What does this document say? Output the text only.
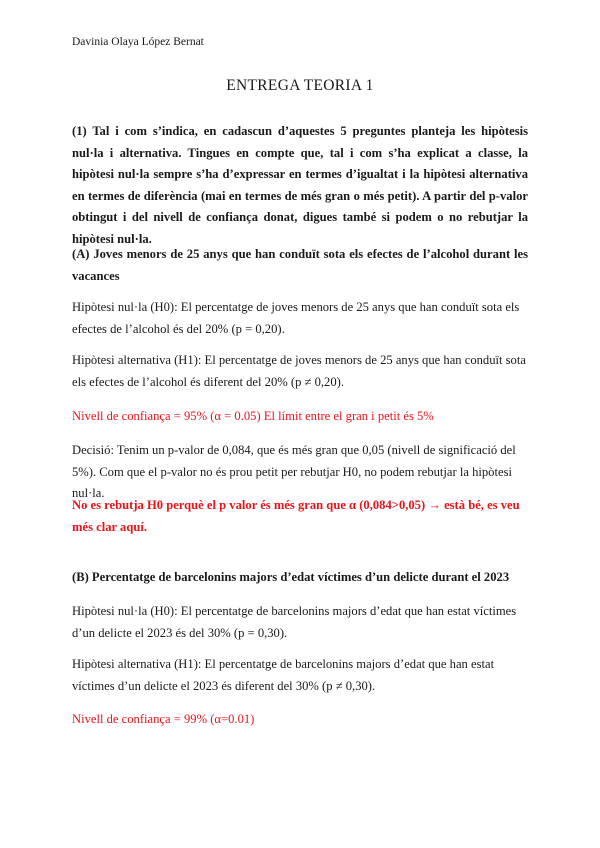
Davinia Olaya López Bernat
ENTREGA TEORIA 1

(1) Tal i com s’indica, en cadascun d’aquestes 5 preguntes planteja les hipòtesis nul·la i alternativa. Tingues en compte que, tal i com s’ha explicat a classe, la hipòtesi nul·la sempre s’ha d’expressar en termes d’igualtat i la hipòtesi alternativa en termes de diferència (mai en termes de més gran o més petit). A partir del p-valor obtingut i del nivell de confiança donat, digues també si podem o no rebutjar la hipòtesi nul·la.

(A) Joves menors de 25 anys que han conduït sota els efectes de l’alcohol durant les vacances

Hipòtesi nul·la (H0): El percentatge de joves menors de 25 anys que han conduït sota els efectes de l’alcohol és del 20% (p = 0,20).

Hipòtesi alternativa (H1): El percentatge de joves menors de 25 anys que han conduït sota els efectes de l’alcohol és diferent del 20% (p ≠ 0,20).

Nivell de confiança = 95% (α = 0.05) El límit entre el gran i petit és 5%

Decisió: Tenim un p-valor de 0,084, que és més gran que 0,05 (nivell de significació del 5%). Com que el p-valor no és prou petit per rebutjar H0, no podem rebutjar la hipòtesi nul·la.

No es rebutja H0 perquè el p valor és més gran que α (0,084>0,05) → està bé, es veu més clar aquí.

(B) Percentatge de barcelonins majors d’edat víctimes d’un delicte durant el 2023

Hipòtesi nul·la (H0): El percentatge de barcelonins majors d’edat que han estat víctimes d’un delicte el 2023 és del 30% (p = 0,30).

Hipòtesi alternativa (H1): El percentatge de barcelonins majors d’edat que han estat víctimes d’un delicte el 2023 és diferent del 30% (p ≠ 0,30).

Nivell de confiança = 99% (α=0.01)
